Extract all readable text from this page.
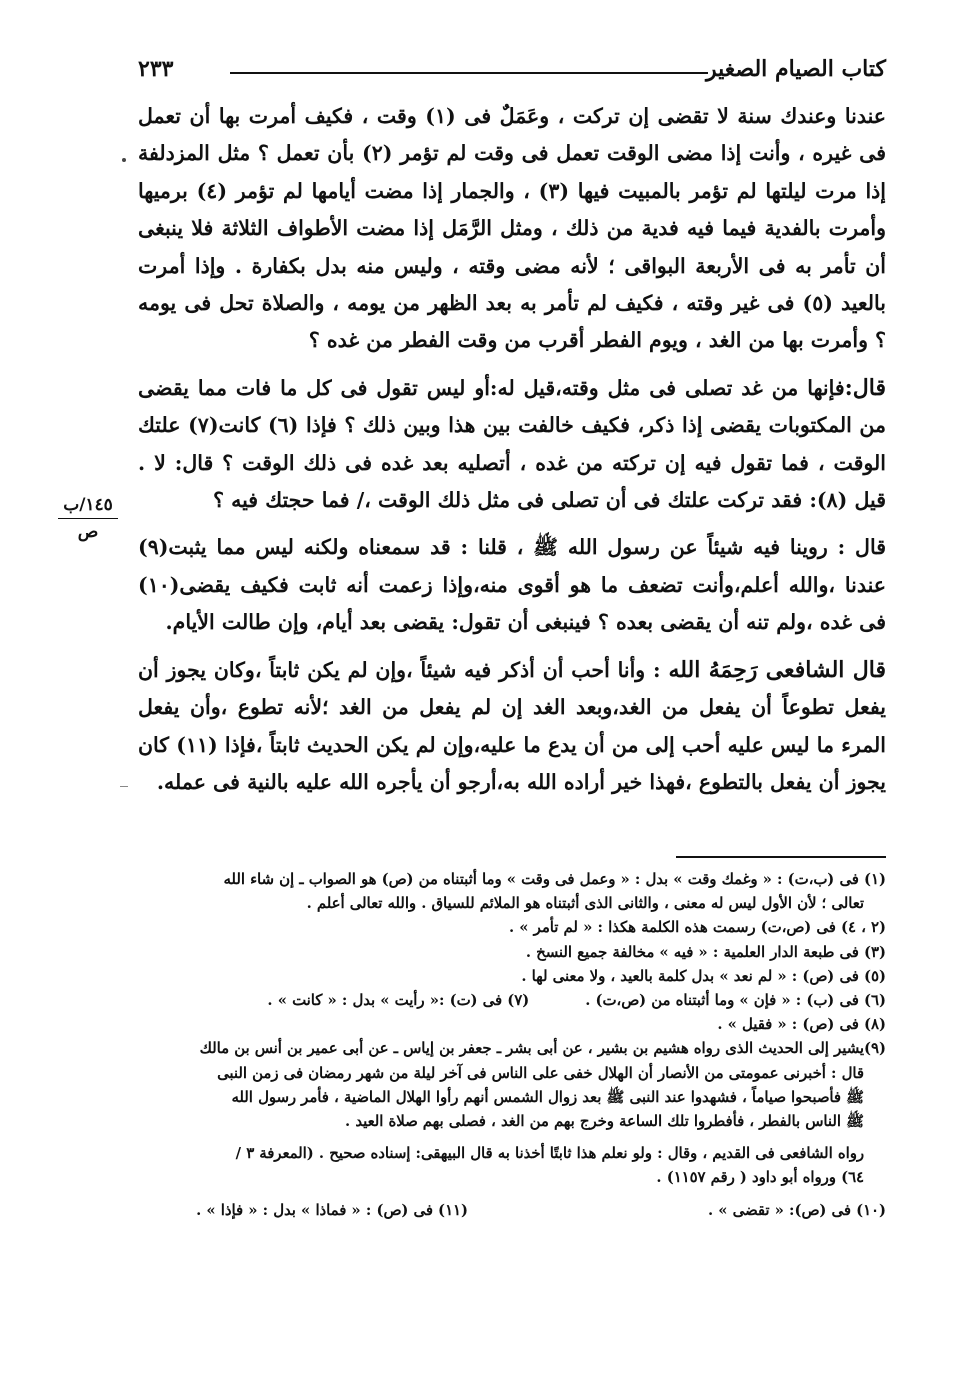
كتاب الصيام الصغير
٢٣٣
١٤٥/ب
ص

عندنا وعندك سنة لا تقضى إن تركت ، وعَمَلٌ فى (١) وقت ، فكيف أمرت بها أن تعمل فى غيره ، وأنت إذا مضى الوقت تعمل فى وقت لم تؤمر (٢) بأن تعمل ؟ مثل المزدلفة إذا مرت ليلتها لم تؤمر بالمبيت فيها (٣) ، والجمار إذا مضت أيامها لم تؤمر (٤) برميها وأمرت بالفدية فيما فيه فدية من ذلك ، ومثل الرَّمَل إذا مضت الأطواف الثلاثة فلا ينبغى أن تأمر به فى الأربعة البواقى ؛ لأنه مضى وقته ، وليس منه بدل بكفارة . وإذا أمرت بالعيد (٥) فى غير وقته ، فكيف لم تأمر به بعد الظهر من يومه ، والصلاة تحل فى يومه ؟ وأمرت بها من الغد ، ويوم الفطر أقرب من وقت الفطر من غده ؟

قال:فإنها من غد تصلى فى مثل وقته،قيل له:أو ليس تقول فى كل ما فات مما يقضى من المكتوبات يقضى إذا ذكر، فكيف خالفت بين هذا وبين ذلك ؟ فإذا (٦) كانت(٧) علتك الوقت ، فما تقول فيه إن تركته من غده ، أتصليه بعد غده فى ذلك الوقت ؟ قال: لا . قيل (٨): فقد تركت علتك فى أن تصلى فى مثل ذلك الوقت ،/ فما حجتك فيه ؟

قال : روينا فيه شيئاً عن رسول الله ﷺ ، قلنا : قد سمعناه ولكنه ليس مما يثبت(٩) عندنا ،والله أعلم،وأنت تضعف ما هو أقوى منه،وإذا زعمت أنه ثابت فكيف يقضى(١٠) فى غده ،ولم تنه أن يقضى بعده ؟ فينبغى أن تقول: يقضى بعد أيام، وإن طالت الأيام.

قال الشافعى رَحِمَهُ الله : وأنا أحب أن أذكر فيه شيئاً ،وإن لم يكن ثابتاً ،وكان يجوز أن يفعل تطوعاً أن يفعل من الغد،وبعد الغد إن لم يفعل من الغد ؛لأنه تطوع ،وأن يفعل المرء ما ليس عليه أحب إلى من أن يدع ما عليه،وإن لم يكن الحديث ثابتاً ،فإذا (١١) كان يجوز أن يفعل بالتطوع ،فهذا خير أراده الله به،أرجو أن يأجره الله عليه بالنية فى عمله.

(١) فى (ب،ت) : « وغمك وقت » بدل : « وعمل فى وقت » وما أثبتناه من (ص) هو الصواب ـ إن شاء الله

تعالى ؛ لأن الأول ليس له معنى ، والثانى الذى أثبتناه هو الملائم للسياق . والله تعالى أعلم .

(٢ ، ٤) فى (ص،ت) رسمت هذه الكلمة هكذا : « لم تأمر » .

(٣) فى طبعة الدار العلمية : « فيه » مخالفة جميع النسخ .

(٥) فى (ص) : « لم نعد » بدل كلمة بالعيد ، ولا معنى لها .

(٦) فى (ب) : « فإن » وما أثبتناه من (ص،ت) .
(٧) فى (ت) :« رأيت » بدل : « كانت » .

(٨) فى (ص) : « فقيل » .

(٩)يشير إلى الحديث الذى رواه هشيم بن بشير ، عن أبى بشر ـ جعفر بن إياس ـ عن أبى عمير بن أنس بن مالك

قال : أخبرنى عمومتى من الأنصار أن الهلال خفى على الناس فى آخر ليلة من شهر رمضان فى زمن النبى

ﷺ فأصبحوا صياماً ، فشهدوا عند النبى ﷺ بعد زوال الشمس أنهم رأوا الهلال الماضية ، فأمر رسول الله

ﷺ الناس بالفطر ، فأفطروا تلك الساعة وخرج بهم من الغد ، فصلى بهم صلاة العيد .

رواه الشافعى فى القديم ، وقال : ولو نعلم هذا ثابتًا أخذنا به قال البيهقى: إسناده صحيح . (المعرفة ٣ /

٦٤) ورواه أبو داود ( رقم ١١٥٧) .

(١٠) فى (ص): « تقضى » .
(١١) فى (ص) : « فماذا » بدل : « فإذا » .
